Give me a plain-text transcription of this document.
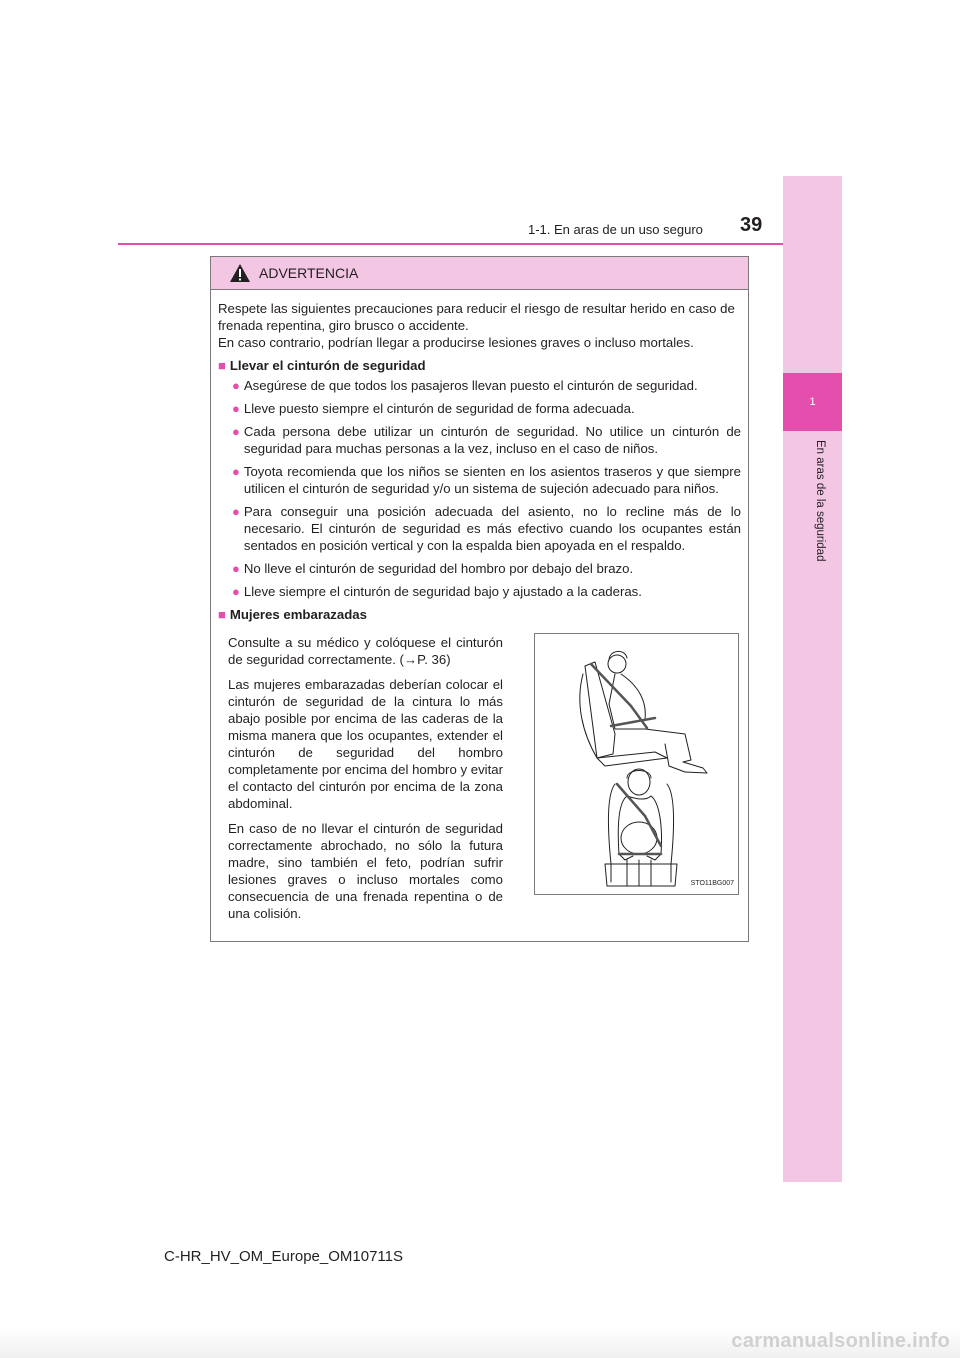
1
En aras de la seguridad
39
1-1. En aras de un uso seguro
ADVERTENCIA

Respete las siguientes precauciones para reducir el riesgo de resultar herido en caso de frenada repentina, giro brusco o accidente.

En caso contrario, podrían llegar a producirse lesiones graves o incluso mortales.

■ Llevar el cinturón de seguridad
● Asegúrese de que todos los pasajeros llevan puesto el cinturón de seguridad.
● Lleve puesto siempre el cinturón de seguridad de forma adecuada.
● Cada persona debe utilizar un cinturón de seguridad. No utilice un cinturón de seguridad para muchas personas a la vez, incluso en el caso de niños.
● Toyota recomienda que los niños se sienten en los asientos traseros y que siempre utilicen el cinturón de seguridad y/o un sistema de sujeción adecuado para niños.
● Para conseguir una posición adecuada del asiento, no lo recline más de lo necesario. El cinturón de seguridad es más efectivo cuando los ocupantes están sentados en posición vertical y con la espalda bien apoyada en el respaldo.
● No lleve el cinturón de seguridad del hombro por debajo del brazo.
● Lleve siempre el cinturón de seguridad bajo y ajustado a la caderas.
■ Mujeres embarazadas

Consulte a su médico y colóquese el cinturón de seguridad correctamente. (→P. 36)

Las mujeres embarazadas deberían colocar el cinturón de seguridad de la cintura lo más abajo posible por encima de las caderas de la misma manera que los ocupantes, extender el cinturón de seguridad del hombro completamente por encima del hombro y evitar el contacto del cinturón por encima de la zona abdominal.

En caso de no llevar el cinturón de seguridad correctamente abrochado, no sólo la futura madre, sino también el feto, podrían sufrir lesiones graves o incluso mortales como consecuencia de una frenada repentina o de una colisión.

STO11BG007
C-HR_HV_OM_Europe_OM10711S
carmanualsonline.info
